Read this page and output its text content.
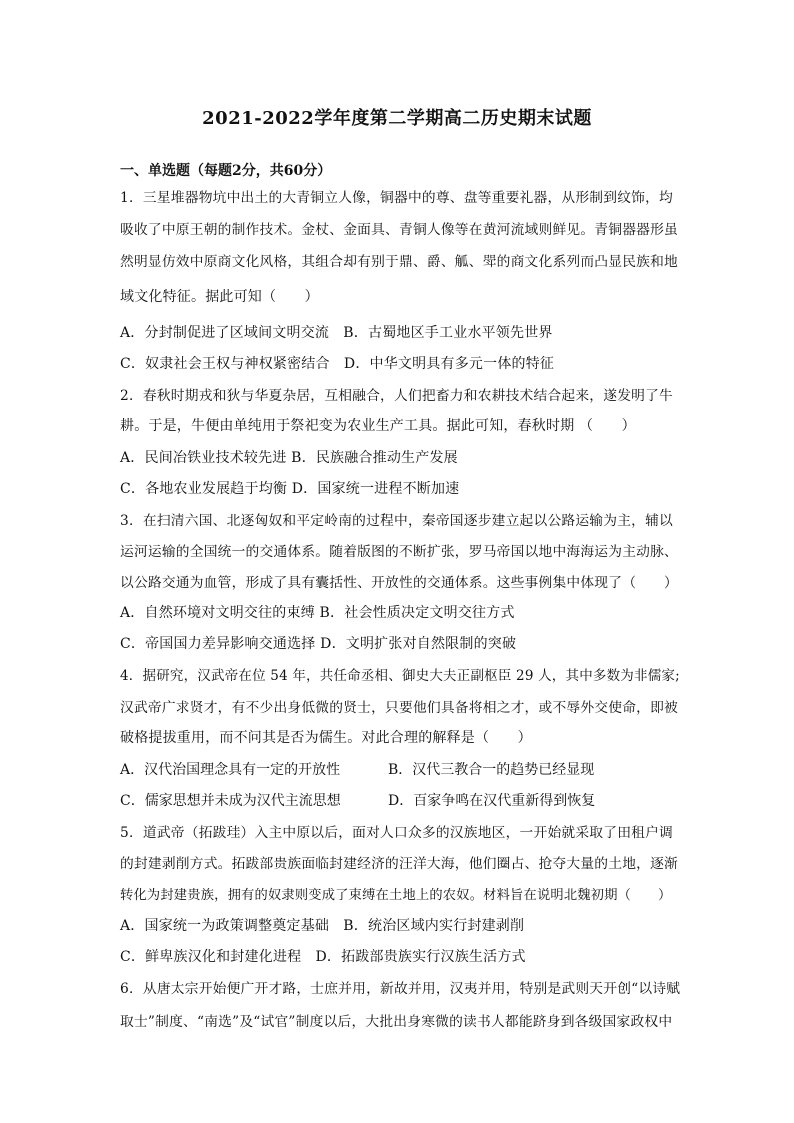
2021-2022学年度第二学期高二历史期末试题
一、单选题（每题2分，共60分）
1．三星堆器物坑中出土的大青铜立人像，铜器中的尊、盘等重要礼器，从形制到纹饰，均
吸收了中原王朝的制作技术。金杖、金面具、青铜人像等在黄河流域则鲜见。青铜器器形虽
然明显仿效中原商文化风格，其组合却有别于鼎、爵、觚、斝的商文化系列而凸显民族和地
域文化特征。据此可知（　　）
A．分封制促进了区域间文明交流　B．古蜀地区手工业水平领先世界
C．奴隶社会王权与神权紧密结合　D．中华文明具有多元一体的特征
2．春秋时期戎和狄与华夏杂居，互相融合，人们把畜力和农耕技术结合起来，遂发明了牛
耕。于是，牛便由单纯用于祭祀变为农业生产工具。据此可知，春秋时期 （　　）
A．民间冶铁业技术较先进 B．民族融合推动生产发展
C．各地农业发展趋于均衡 D．国家统一进程不断加速
3．在扫清六国、北逐匈奴和平定岭南的过程中，秦帝国逐步建立起以公路运输为主，辅以
运河运输的全国统一的交通体系。随着版图的不断扩张，罗马帝国以地中海海运为主动脉、
以公路交通为血管，形成了具有囊括性、开放性的交通体系。这些事例集中体现了（　　）
A．自然环境对文明交往的束缚 B．社会性质决定文明交往方式
C．帝国国力差异影响交通选择 D．文明扩张对自然限制的突破
4．据研究，汉武帝在位 54 年，共任命丞相、御史大夫正副枢臣 29 人，其中多数为非儒家;
汉武帝广求贤才，有不少出身低微的贤士，只要他们具备将相之才，或不辱外交使命，即被
破格提拔重用，而不问其是否为儒生。对此合理的解释是（　　）
A．汉代治国理念具有一定的开放性	B．汉代三教合一的趋势已经显现
C．儒家思想并未成为汉代主流思想	D．百家争鸣在汉代重新得到恢复
5．道武帝（拓跋珪）入主中原以后，面对人口众多的汉族地区，一开始就采取了田租户调
的封建剥削方式。拓跋部贵族面临封建经济的汪洋大海，他们圈占、抢夺大量的土地，逐渐
转化为封建贵族，拥有的奴隶则变成了束缚在土地上的农奴。材料旨在说明北魏初期（　　）
A．国家统一为政策调整奠定基础　B．统治区域内实行封建剥削
C．鲜卑族汉化和封建化进程　D．拓跋部贵族实行汉族生活方式
6．从唐太宗开始便广开才路，士庶并用，新故并用，汉夷并用，特别是武则天开创“以诗赋
取士”制度、“南选”及“试官”制度以后，大批出身寒微的读书人都能跻身到各级国家政权中
